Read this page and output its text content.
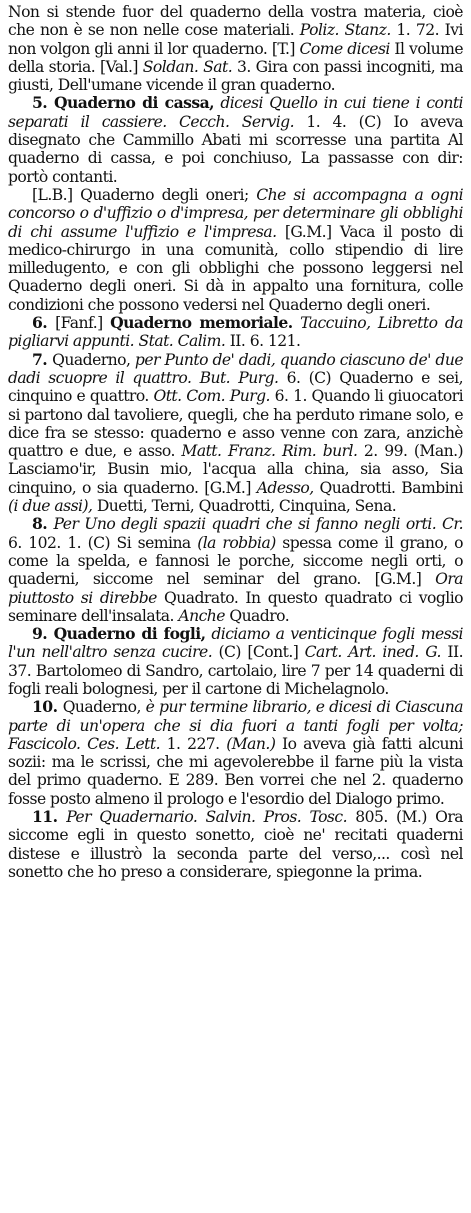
Non si stende fuor del quaderno della vostra materia, cioè che non è se non nelle cose materiali. Poliz. Stanz. 1. 72. Ivi non volgon gli anni il lor quaderno. [T.] Come dicesi Il volume della storia. [Val.] Soldan. Sat. 3. Gira con passi incogniti, ma giusti, Dell'umane vicende il gran quaderno.

5. Quaderno di cassa, dicesi Quello in cui tiene i conti separati il cassiere. Cecch. Servig. 1. 4. (C) Io aveva disegnato che Cammillo Abati mi scorresse una partita Al quaderno di cassa, e poi conchiuso, La passasse con dir: portò contanti.

[L.B.] Quaderno degli oneri; Che si accompagna a ogni concorso o d'uffizio o d'impresa, per determinare gli obblighi di chi assume l'uffizio e l'impresa. [G.M.] Vaca il posto di medico-chirurgo in una comunità, collo stipendio di lire milledugento, e con gli obblighi che possono leggersi nel Quaderno degli oneri. Si dà in appalto una fornitura, colle condizioni che possono vedersi nel Quaderno degli oneri.

6. [Fanf.] Quaderno memoriale. Taccuino, Libretto da pigliarvi appunti. Stat. Calim. II. 6. 121.

7. Quaderno, per Punto de' dadi, quando ciascuno de' due dadi scuopre il quattro. But. Purg. 6. (C) Quaderno e sei, cinquino e quattro. Ott. Com. Purg. 6. 1. Quando li giuocatori si partono dal tavoliere, quegli, che ha perduto rimane solo, e dice fra se stesso: quaderno e asso venne con zara, anzichè quattro e due, e asso. Matt. Franz. Rim. burl. 2. 99. (Man.) Lasciamo'ir, Busin mio, l'acqua alla china, sia asso, Sia cinquino, o sia quaderno. [G.M.] Adesso, Quadrotti. Bambini (i due assi), Duetti, Terni, Quadrotti, Cinquina, Sena.

8. Per Uno degli spazii quadri che si fanno negli orti. Cr. 6. 102. 1. (C) Si semina (la robbia) spessa come il grano, o come la spelda, e fannosi le porche, siccome negli orti, o quaderni, siccome nel seminar del grano. [G.M.] Ora piuttosto si direbbe Quadrato. In questo quadrato ci voglio seminare dell'insalata. Anche Quadro.

9. Quaderno di fogli, diciamo a venticinque fogli messi l'un nell'altro senza cucire. (C) [Cont.] Cart. Art. ined. G. II. 37. Bartolomeo di Sandro, cartolaio, lire 7 per 14 quaderni di fogli reali bolognesi, per il cartone di Michelagnolo.

10. Quaderno, è pur termine librario, e dicesi di Ciascuna parte di un'opera che si dia fuori a tanti fogli per volta; Fascicolo. Ces. Lett. 1. 227. (Man.) Io aveva già fatti alcuni sozii: ma le scrissi, che mi agevolerebbe il farne più la vista del primo quaderno. E 289. Ben vorrei che nel 2. quaderno fosse posto almeno il prologo e l'esordio del Dialogo primo.

11. Per Quadernario. Salvin. Pros. Tosc. 805. (M.) Ora siccome egli in questo sonetto, cioè ne' recitati quaderni distese e illustrò la seconda parte del verso,... così nel sonetto che ho preso a considerare, spiegonne la prima.
